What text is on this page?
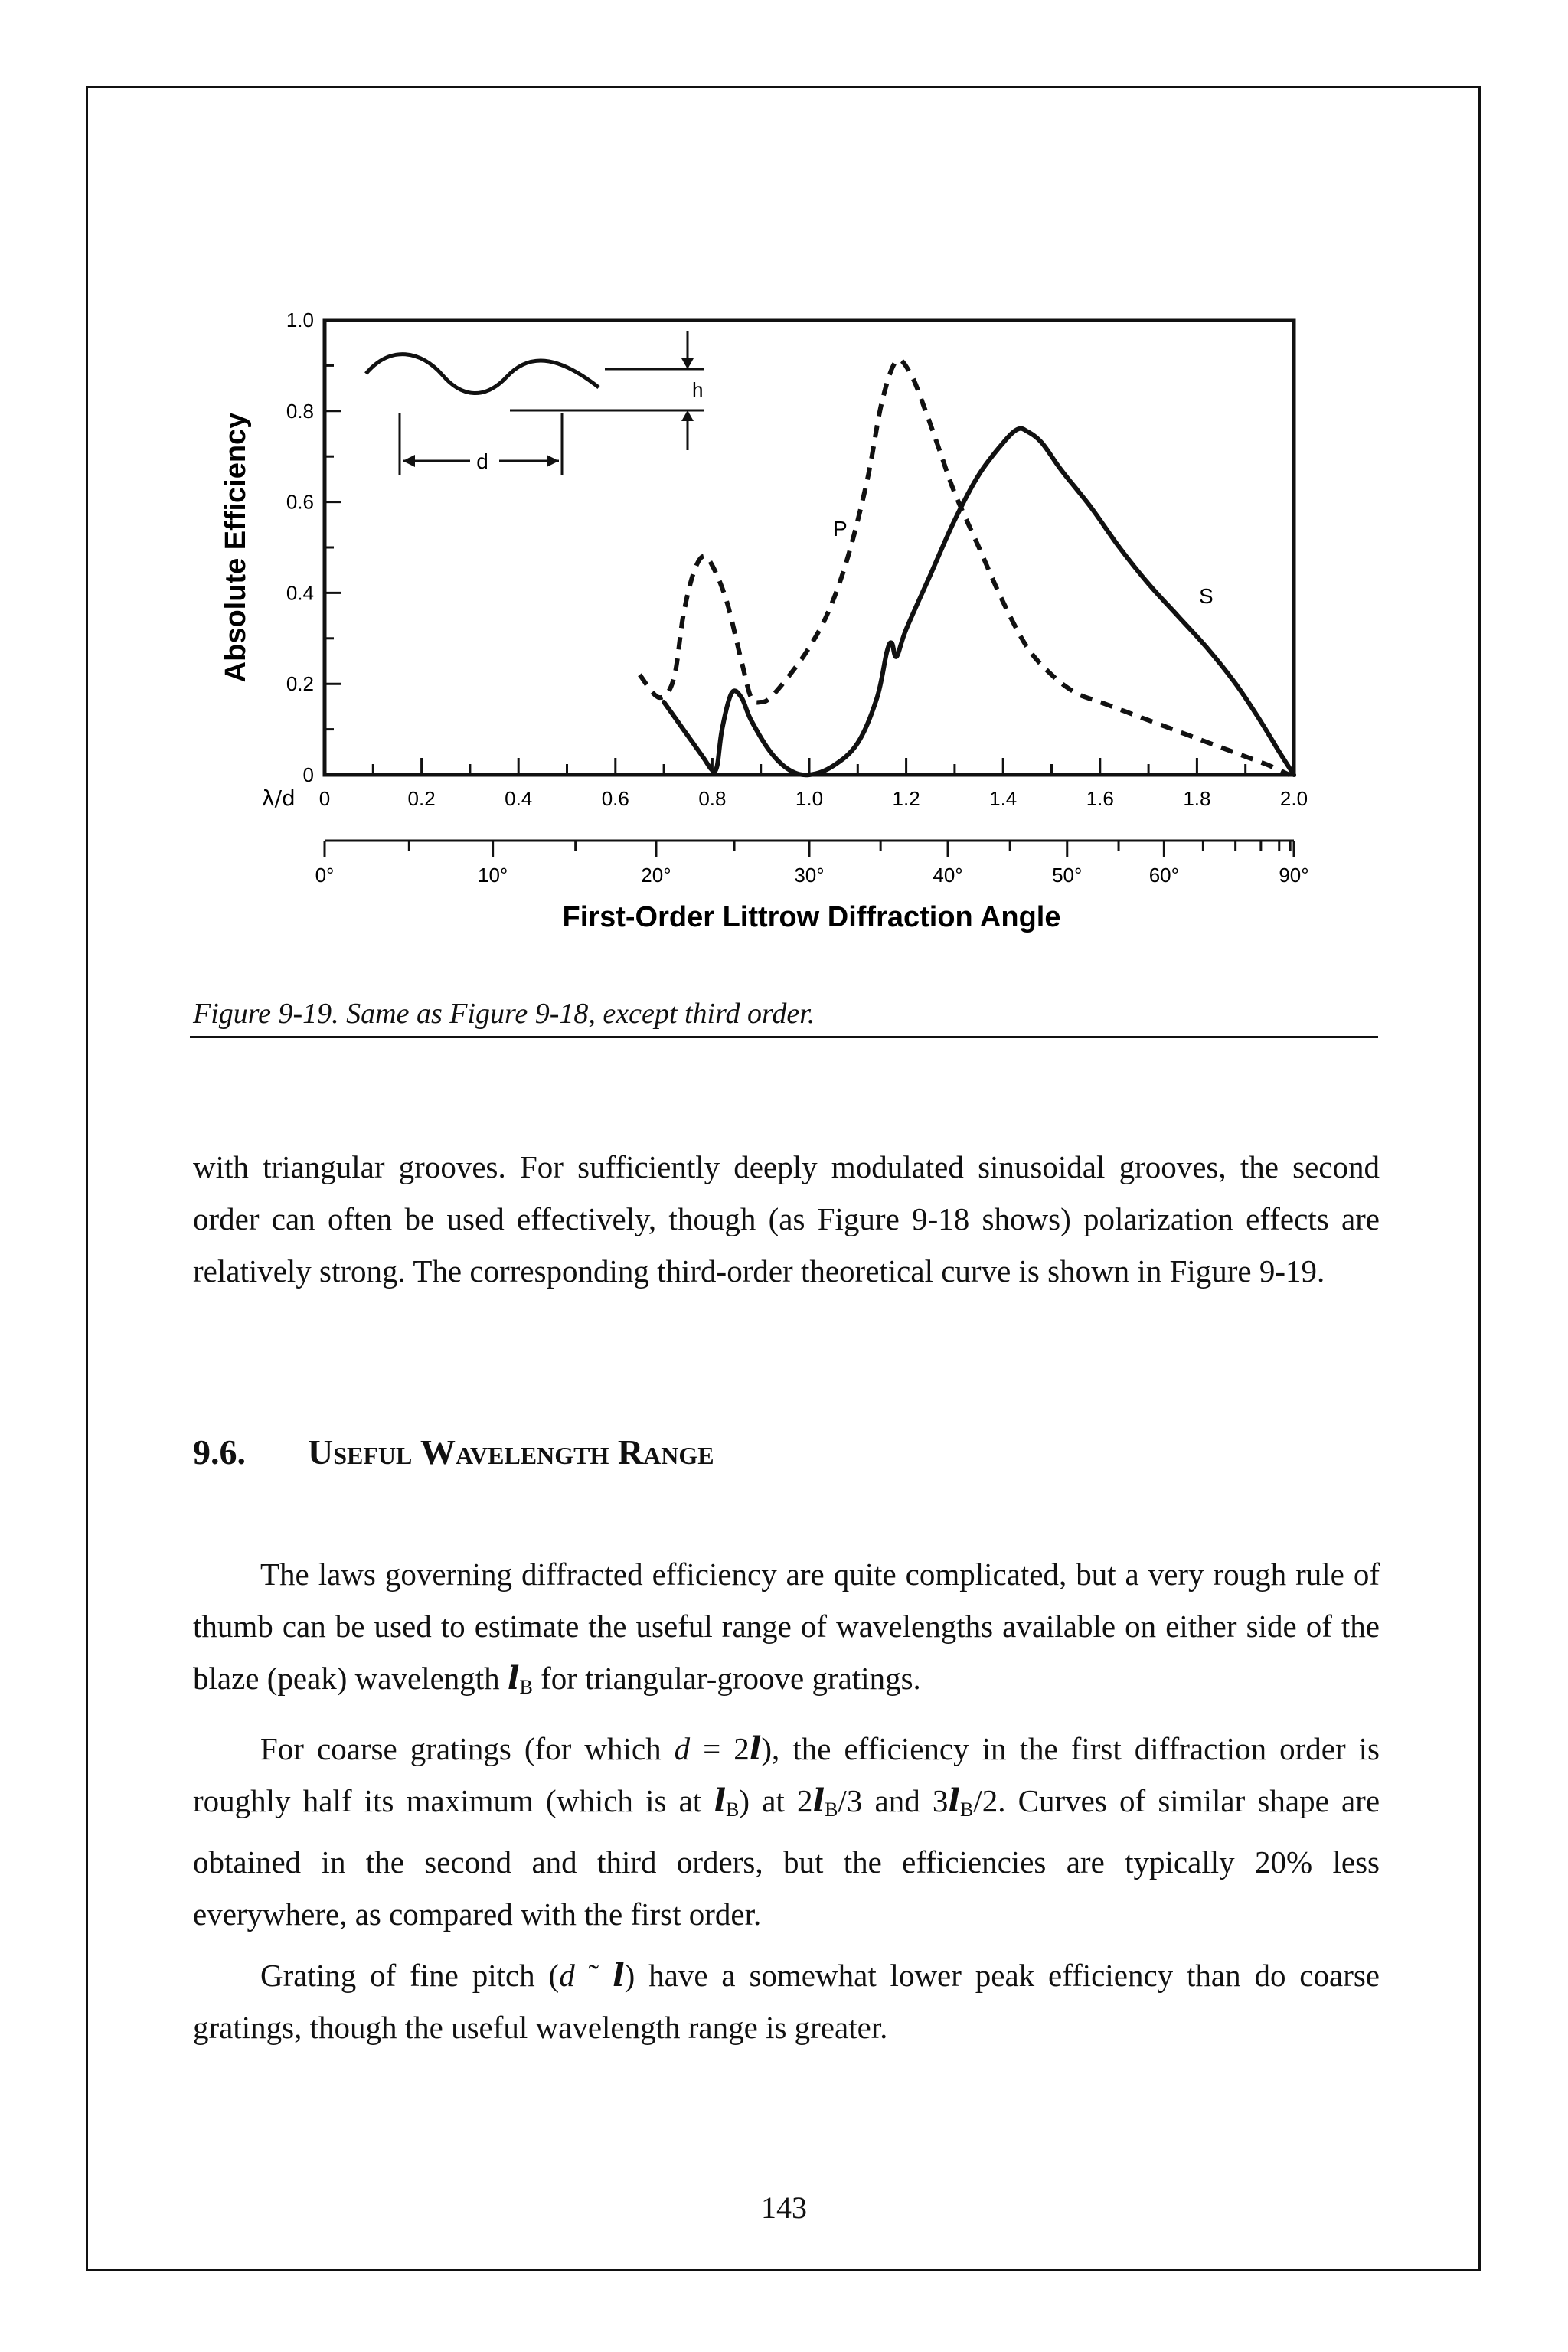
Absolute Efficiency
λ/d
First-Order Littrow Diffraction Angle
h
d
P
S
0
0.2
0.4
0.6
0.8
1.0
0	0.2	0.4	0.6	0.8	1.0	1.2	1.4	1.6	1.8	2.0
0°	10°	20°	30°	40°	50°	60°	90°
Figure 9-19. Same as Figure 9-18, except third order.

with triangular grooves. For sufficiently deeply modulated sinusoidal grooves, the second order can often be used effectively, though (as Figure 9-18 shows) polarization effects are relatively strong. The corresponding third-order theoretical curve is shown in Figure 9-19.

9.6. Useful Wavelength Range

The laws governing diffracted efficiency are quite complicated, but a very rough rule of thumb can be used to estimate the useful range of wavelengths available on either side of the blaze (peak) wavelength $l_B$ for triangular-groove gratings.

For coarse gratings (for which d = 2l), the efficiency in the first diffraction order is roughly half its maximum (which is at $l_B$) at $2l_B/3$ and $3l_B/2$. Curves of similar shape are obtained in the second and third orders, but the efficiencies are typically 20% less everywhere, as compared with the first order.

Grating of fine pitch (d ˜ l) have a somewhat lower peak efficiency than do coarse gratings, though the useful wavelength range is greater.

143
